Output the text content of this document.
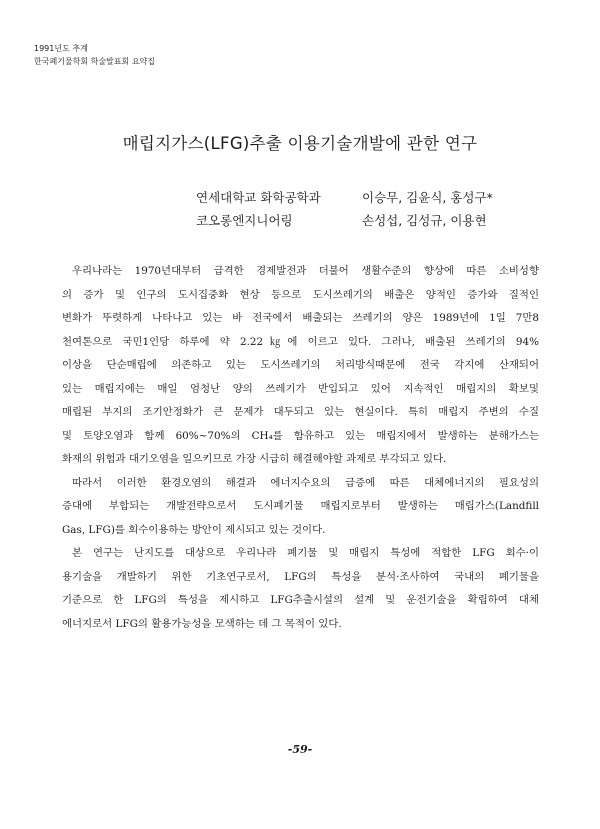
1991년도 추계
한국폐기물학회 학술발표회 요약집
매립지가스(LFG)추출 이용기술개발에 관한 연구
연세대학교 화학공학과
코오롱엔지니어링
이승무, 김윤식, 홍성구*
손성섭, 김성규, 이용현
우리나라는 1970년대부터 급격한 경제발전과 더불어 생활수준의 향상에 따른 소비성향
의 증가 및 인구의 도시집중화 현상 등으로 도시쓰레기의 배출은 양적인 증가와 질적인
변화가 뚜렷하게 나타나고 있는 바 전국에서 배출되는 쓰레기의 양은 1989년에 1일 7만8
천여톤으로 국민1인당 하루에 약 2.22㎏에 이르고 있다. 그러나, 배출된 쓰레기의 94%
이상을 단순매립에 의존하고 있는 도시쓰레기의 처리방식때문에 전국 각지에 산재되어
있는 매립지에는 매일 엄청난 양의 쓰레기가 반입되고 있어 지속적인 매립지의 확보및
매립된 부지의 조기안정화가 큰 문제가 대두되고 있는 현실이다. 특히 매립지 주변의 수질
및 토양오염과 함께 60%~70%의 CH₄를 함유하고 있는 매립지에서 발생하는 분해가스는
화재의 위험과 대기오염을 일으키므로 가장 시급히 해결해야할 과제로 부각되고 있다.
따라서 이러한 환경오염의 해결과 에너지수요의 급증에 따른 대체에너지의 필요성의
증대에 부합되는 개발전략으로서 도시폐기물 매립지로부터 발생하는 매립가스(Landfill
Gas, LFG)를 회수이용하는 방안이 제시되고 있는 것이다.
본 연구는 난지도를 대상으로 우리나라 폐기물 및 매립지 특성에 적합한 LFG 회수·이
용기술을 개발하기 위한 기초연구로서, LFG의 특성을 분석·조사하여 국내의 폐기물을
기준으로 한 LFG의 특성을 제시하고 LFG추출시설의 설계 및 운전기술을 확립하여 대체
에너지로서 LFG의 활용가능성을 모색하는 데 그 목적이 있다.
-59-
